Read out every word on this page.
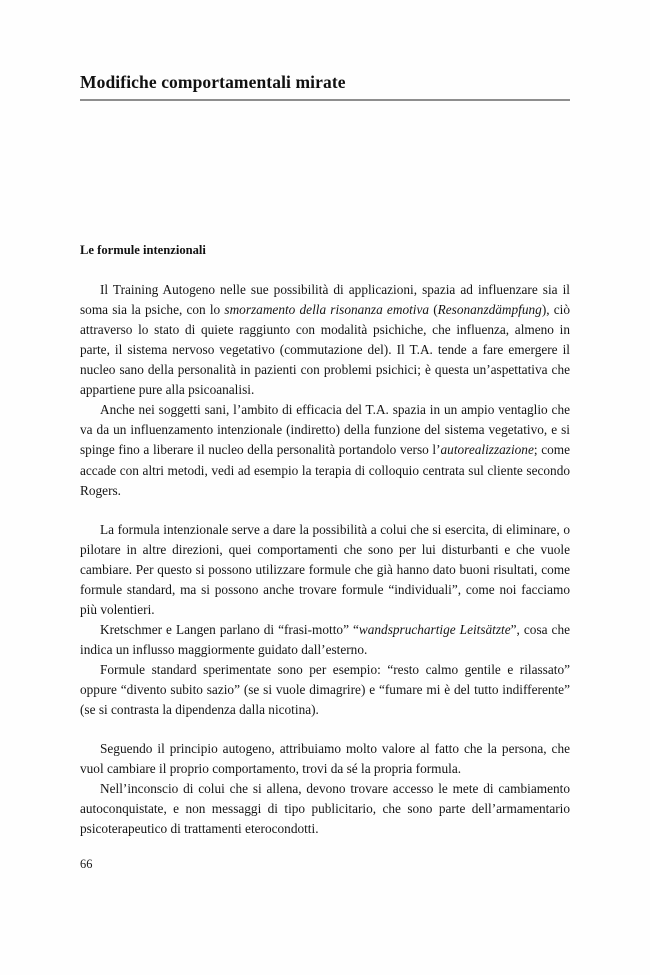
Modifiche comportamentali mirate
Le formule intenzionali

Il Training Autogeno nelle sue possibilità di applicazioni, spazia ad influenzare sia il soma sia la psiche, con lo smorzamento della risonanza emotiva (Resonanzdämpfung), ciò attraverso lo stato di quiete raggiunto con modalità psichiche, che influenza, almeno in parte, il sistema nervoso vegetativo (commutazione del). Il T.A. tende a fare emergere il nucleo sano della personalità in pazienti con problemi psichici; è questa un’aspettativa che appartiene pure alla psicoanalisi.

Anche nei soggetti sani, l’ambito di efficacia del T.A. spazia in un ampio ventaglio che va da un influenzamento intenzionale (indiretto) della funzione del sistema vegetativo, e si spinge fino a liberare il nucleo della personalità portandolo verso l’autorealizzazione; come accade con altri metodi, vedi ad esempio la terapia di colloquio centrata sul cliente secondo Rogers.

La formula intenzionale serve a dare la possibilità a colui che si esercita, di eliminare, o pilotare in altre direzioni, quei comportamenti che sono per lui disturbanti e che vuole cambiare. Per questo si possono utilizzare formule che già hanno dato buoni risultati, come formule standard, ma si possono anche trovare formule “individuali”, come noi facciamo più volentieri.

Kretschmer e Langen parlano di “frasi-motto” “wandspruchartige Leitsätzte”, cosa che indica un influsso maggiormente guidato dall’esterno.

Formule standard sperimentate sono per esempio: “resto calmo gentile e rilassato” oppure “divento subito sazio” (se si vuole dimagrire) e “fumare mi è del tutto indifferente” (se si contrasta la dipendenza dalla nicotina).

Seguendo il principio autogeno, attribuiamo molto valore al fatto che la persona, che vuol cambiare il proprio comportamento, trovi da sé la propria formula.

Nell’inconscio di colui che si allena, devono trovare accesso le mete di cambiamento autoconquistate, e non messaggi di tipo publicitario, che sono parte dell’armamentario psicoterapeutico di trattamenti eterocondotti.

66
